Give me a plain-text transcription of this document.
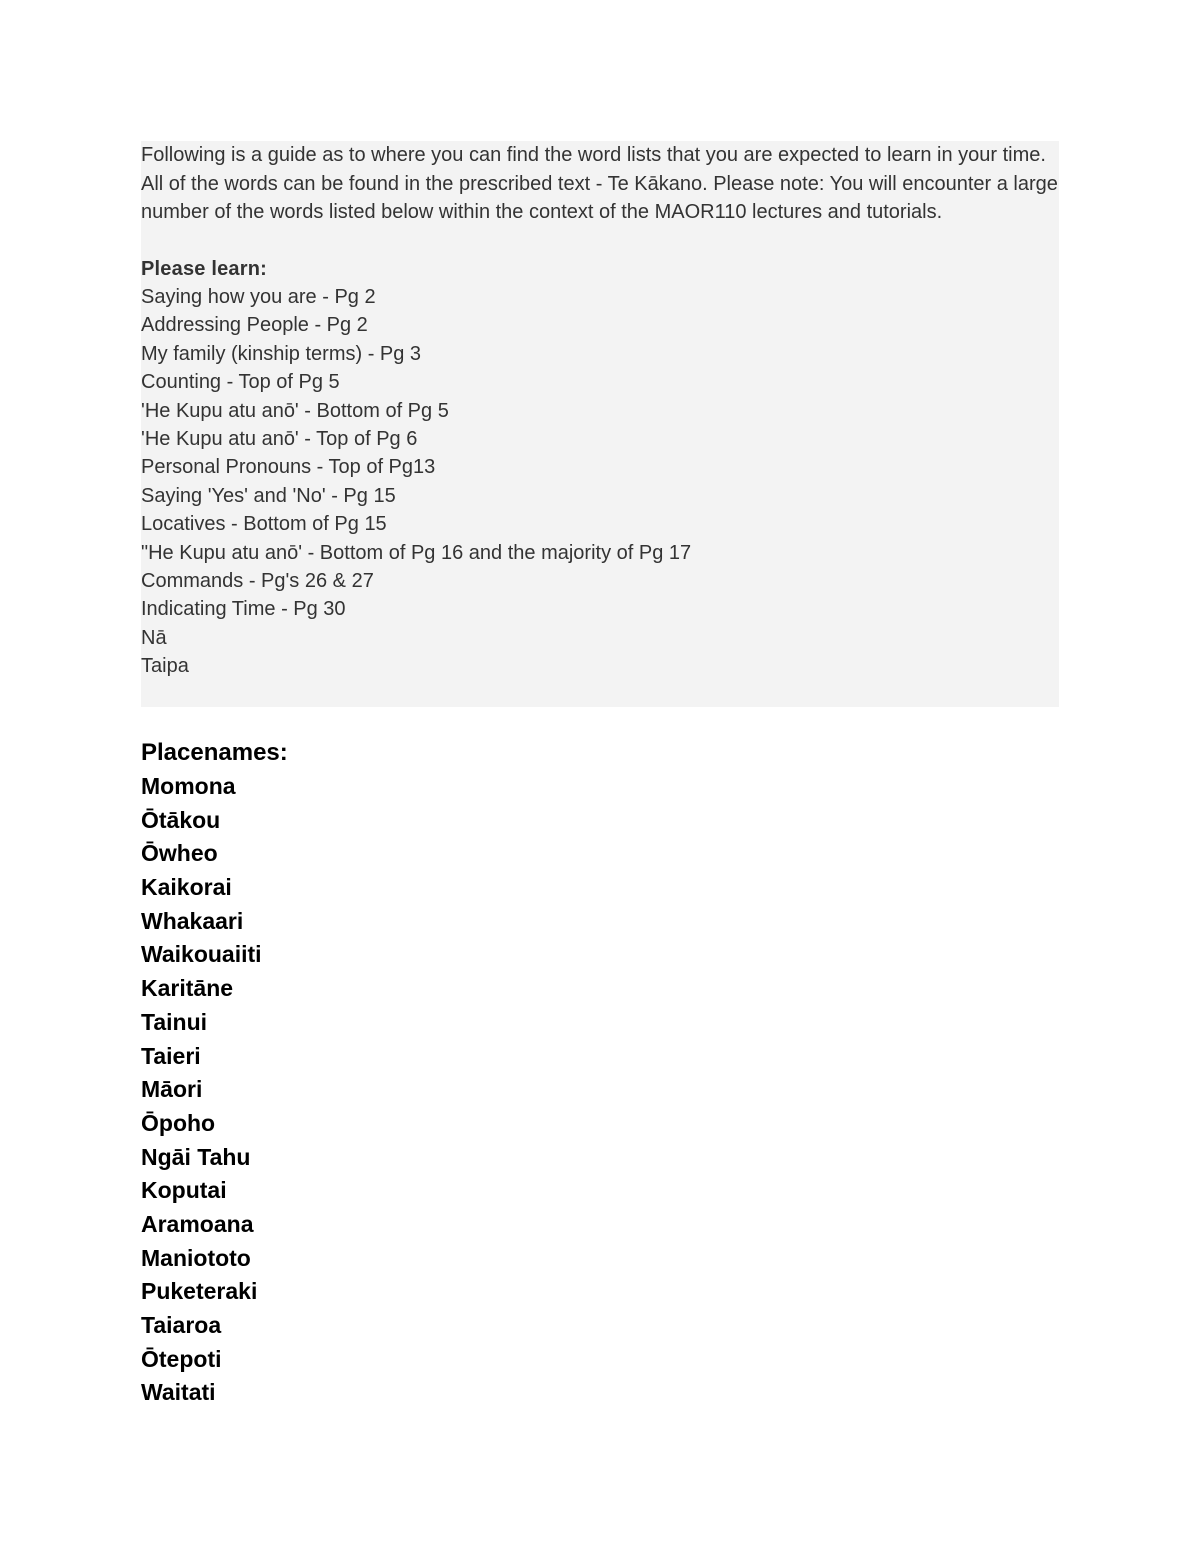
Following is a guide as to where you can find the word lists that you are expected to learn in your time. All of the words can be found in the prescribed text - Te Kākano. Please note: You will encounter a large number of the words listed below within the context of the MAOR110 lectures and tutorials.

Please learn:

Saying how you are - Pg 2
Addressing People - Pg 2
My family (kinship terms) - Pg 3
Counting - Top of Pg 5
'He Kupu atu anō' - Bottom of Pg 5
'He Kupu atu anō' - Top of Pg 6
Personal Pronouns - Top of Pg13
Saying 'Yes' and 'No' - Pg 15
Locatives - Bottom of Pg 15
"He Kupu atu anō' - Bottom of Pg 16 and the majority of Pg 17
Commands - Pg's 26 & 27
Indicating Time - Pg 30
Nā
Taipa

Placenames:

Momona
Ōtākou
Ōwheo
Kaikorai
Whakaari
Waikouaiiti
Karitāne
Tainui
Taieri
Māori
Ōpoho
Ngāi Tahu
Koputai
Aramoana
Maniototo
Puketeraki
Taiaroa
Ōtepoti
Waitati
